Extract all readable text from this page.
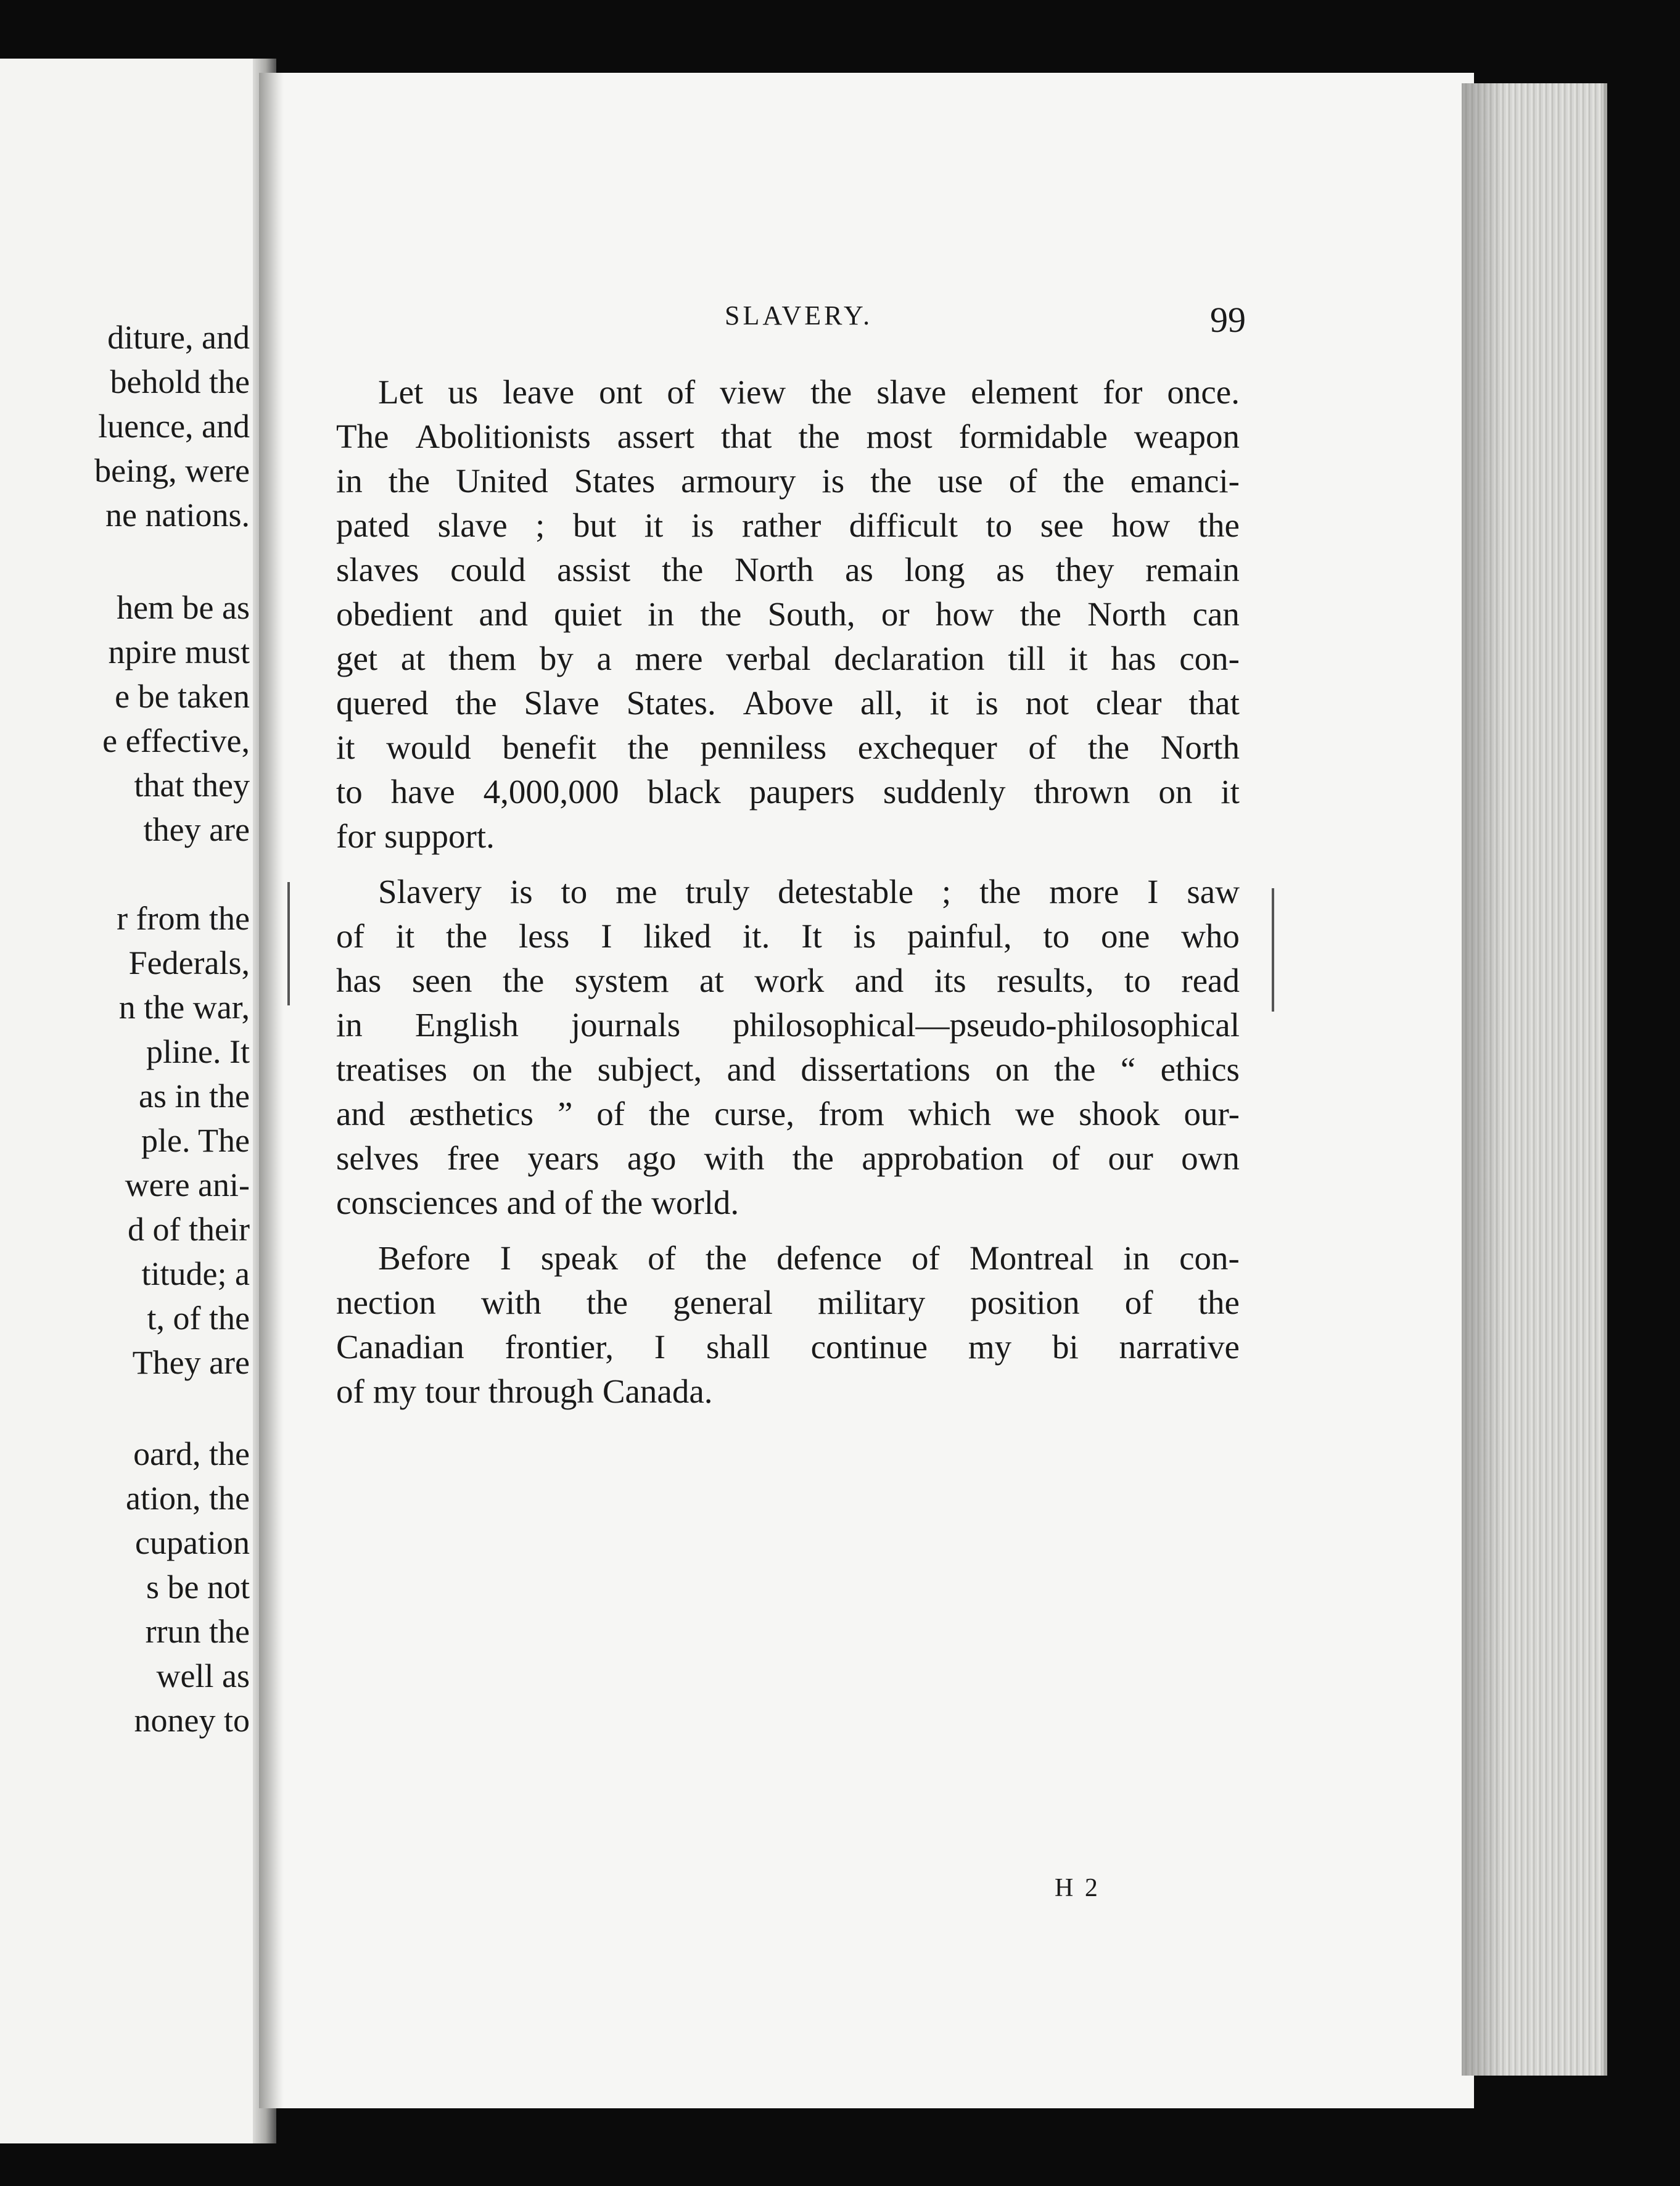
diture, and
behold the
luence, and
being, were
ne nations.
hem be as
npire must
e be taken
e effective,
that they
they are
r from the
Federals,
n the war,
pline. It
as in the
ple. The
were ani-
d of their
titude; a
t, of the
They are
oard, the
ation, the
cupation
s be not
rrun the
well as
noney to
SLAVERY.	99
Let us leave ont of view the slave element for once.
The Abolitionists assert that the most formidable weapon
in the United States armoury is the use of the emanci-
pated slave ; but it is rather difficult to see how the
slaves could assist the North as long as they remain
obedient and quiet in the South, or how the North can
get at them by a mere verbal declaration till it has con-
quered the Slave States. Above all, it is not clear that
it would benefit the penniless exchequer of the North
to have 4,000,000 black paupers suddenly thrown on it
for support.
Slavery is to me truly detestable ; the more I saw
of it the less I liked it. It is painful, to one who
has seen the system at work and its results, to read
in English journals philosophical—pseudo-philosophical
treatises on the subject, and dissertations on the “ ethics
and æsthetics ” of the curse, from which we shook our-
selves free years ago with the approbation of our own
consciences and of the world.
Before I speak of the defence of Montreal in con-
nection with the general military position of the
Canadian frontier, I shall continue my bi narrative
of my tour through Canada.
H 2
